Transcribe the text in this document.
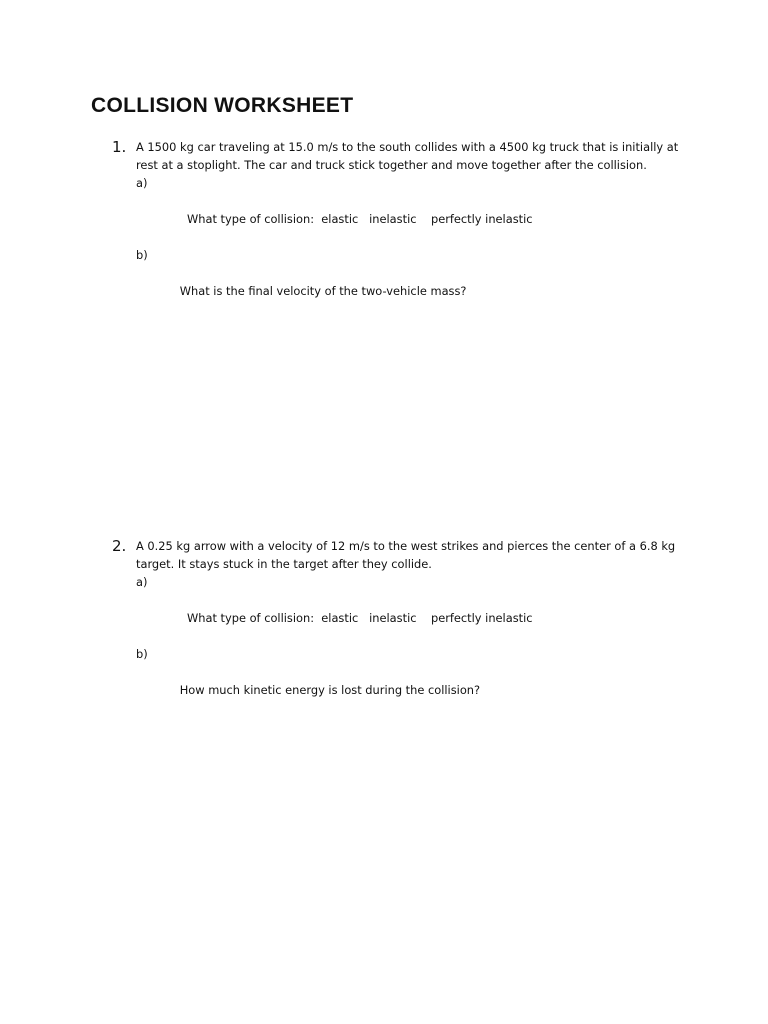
COLLISION WORKSHEET
1. A 1500 kg car traveling at 15.0 m/s to the south collides with a 4500 kg truck that is initially at rest at a stoplight. The car and truck stick together and move together after the collision.

a)

What type of collision:  elastic   inelastic    perfectly inelastic

b)

What is the final velocity of the two-vehicle mass?

2. A 0.25 kg arrow with a velocity of 12 m/s to the west strikes and pierces the center of a 6.8 kg target. It stays stuck in the target after they collide.

a)

What type of collision:  elastic   inelastic    perfectly inelastic

b)

How much kinetic energy is lost during the collision?
